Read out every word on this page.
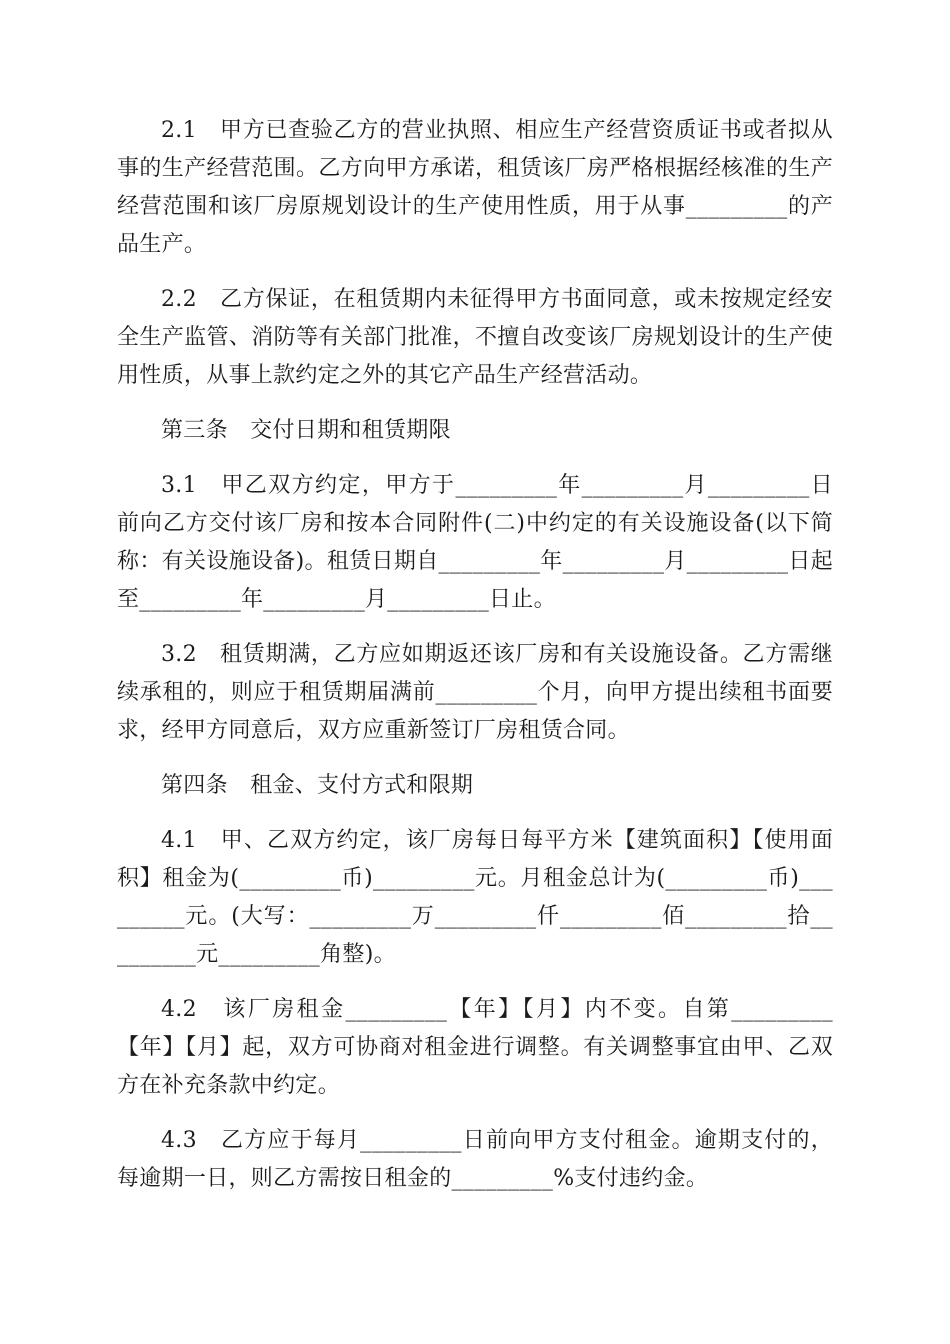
2.1　甲方已查验乙方的营业执照、相应生产经营资质证书或者拟从事的生产经营范围。乙方向甲方承诺，租赁该厂房严格根据经核准的生产经营范围和该厂房原规划设计的生产使用性质，用于从事_________的产品生产。

2.2　乙方保证，在租赁期内未征得甲方书面同意，或未按规定经安全生产监管、消防等有关部门批准，不擅自改变该厂房规划设计的生产使用性质，从事上款约定之外的其它产品生产经营活动。

第三条　交付日期和租赁期限

3.1　甲乙双方约定，甲方于_________年_________月_________日前向乙方交付该厂房和按本合同附件(二)中约定的有关设施设备(以下简称：有关设施设备)。租赁日期自_________年_________月_________日起至_________年_________月_________日止。

3.2　租赁期满，乙方应如期返还该厂房和有关设施设备。乙方需继续承租的，则应于租赁期届满前_________个月，向甲方提出续租书面要求，经甲方同意后，双方应重新签订厂房租赁合同。

第四条　租金、支付方式和限期

4.1　甲、乙双方约定，该厂房每日每平方米【建筑面积】【使用面积】租金为(_________币)_________元。月租金总计为(_________币)_________元。(大写：_________万_________仟_________佰_________拾_________元_________角整)。

4.2　该厂房租金_________【年】【月】内不变。自第_________【年】【月】起，双方可协商对租金进行调整。有关调整事宜由甲、乙双方在补充条款中约定。

4.3　乙方应于每月_________日前向甲方支付租金。逾期支付的，每逾期一日，则乙方需按日租金的_________%支付违约金。
